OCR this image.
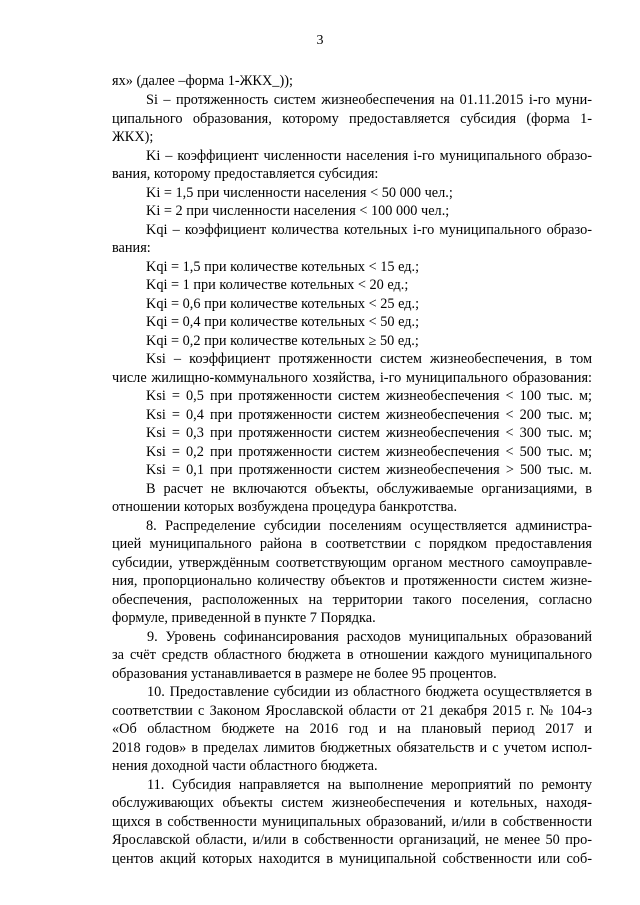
3
ях» (далее –форма 1-ЖКХ_));
Si – протяженность систем жизнеобеспечения на 01.11.2015 i-го муни-
ципального образования, которому предоставляется субсидия (форма 1-
ЖКХ);
Ki – коэффициент численности населения i-го муниципального образо-
вания, которому предоставляется субсидия:
Ki = 1,5 при численности населения < 50 000 чел.;
Ki = 2 при численности населения < 100 000 чел.;
Kqi – коэффициент количества котельных i-го муниципального образо-
вания:
Kqi = 1,5 при количестве котельных < 15 ед.;
Kqi = 1 при количестве котельных < 20 ед.;
Kqi = 0,6 при количестве котельных < 25 ед.;
Kqi = 0,4 при количестве котельных < 50 ед.;
Kqi = 0,2 при количестве котельных ≥ 50 ед.;
Ksi – коэффициент протяженности систем жизнеобеспечения, в том
числе жилищно-коммунального хозяйства, i-го муниципального образования:
Ksi = 0,5 при протяженности систем жизнеобеспечения < 100 тыс. м;
Ksi = 0,4 при протяженности систем жизнеобеспечения < 200 тыс. м;
Ksi = 0,3 при протяженности систем жизнеобеспечения < 300 тыс. м;
Ksi = 0,2 при протяженности систем жизнеобеспечения < 500 тыс. м;
Ksi = 0,1 при протяженности систем жизнеобеспечения > 500 тыс. м.
В расчет не включаются объекты, обслуживаемые организациями, в
отношении которых возбуждена процедура банкротства.
8. Распределение субсидии поселениям осуществляется администра-
цией муниципального района в соответствии с порядком предоставления
субсидии, утверждённым соответствующим органом местного самоуправле-
ния, пропорционально количеству объектов и протяженности систем жизне-
обеспечения, расположенных на территории такого поселения, согласно
формуле, приведенной в пункте 7 Порядка.
9. Уровень софинансирования расходов муниципальных образований
за счёт средств областного бюджета в отношении каждого муниципального
образования устанавливается в размере не более 95 процентов.
10. Предоставление субсидии из областного бюджета осуществляется в
соответствии с Законом Ярославской области от 21 декабря 2015 г. № 104-з
«Об областном бюджете на 2016 год и на плановый период 2017 и
2018 годов» в пределах лимитов бюджетных обязательств и с учетом испол-
нения доходной части областного бюджета.
11. Субсидия направляется на выполнение мероприятий по ремонту
обслуживающих объекты систем жизнеобеспечения и котельных, находя-
щихся в собственности муниципальных образований, и/или в собственности
Ярославской области, и/или в собственности организаций, не менее 50 про-
центов акций которых находится в муниципальной собственности или соб-
